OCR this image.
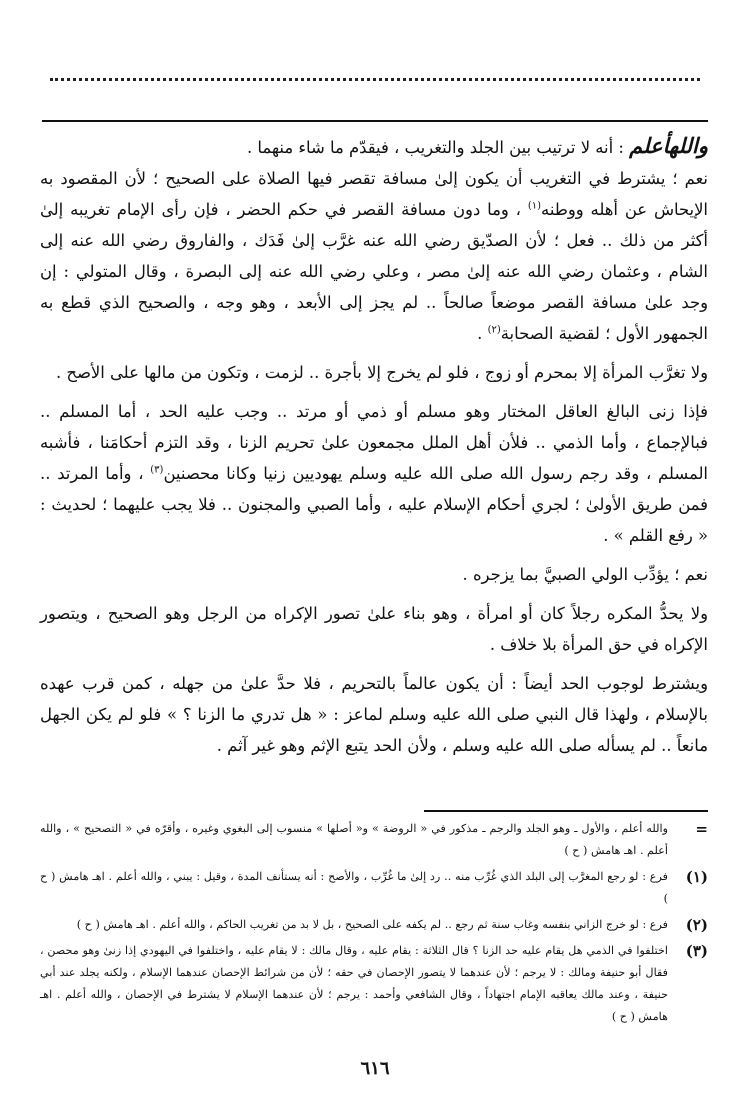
واللهأعلم : أنه لا ترتيب بين الجلد والتغريب ، فيقدّم ما شاء منهما .

نعم ؛ يشترط في التغريب أن يكون إلىٰ مسافة تقصر فيها الصلاة على الصحيح ؛ لأن المقصود به الإيحاش عن أهله ووطنه$^{(١)}$ ، وما دون مسافة القصر في حكم الحضر ، فإن رأى الإمام تغريبه إلىٰ أكثر من ذلك .. فعل ؛ لأن الصدّيق رضي الله عنه غرَّب إلىٰ فَدَك ، والفاروق رضي الله عنه إلى الشام ، وعثمان رضي الله عنه إلىٰ مصر ، وعلي رضي الله عنه إلى البصرة ، وقال المتولي : إن وجد علىٰ مسافة القصر موضعاً صالحاً .. لم يجز إلى الأبعد ، وهو وجه ، والصحيح الذي قطع به الجمهور الأول ؛ لقضية الصحابة$^{(٢)}$ .

ولا تغرَّب المرأة إلا بمحرم أو زوج ، فلو لم يخرج إلا بأجرة .. لزمت ، وتكون من مالها على الأصح .

فإذا زنى البالغ العاقل المختار وهو مسلم أو ذمي أو مرتد .. وجب عليه الحد ، أما المسلم .. فبالإجماع ، وأما الذمي .. فلأن أهل الملل مجمعون علىٰ تحريم الزنا ، وقد التزم أحكامَنا ، فأشبه المسلم ، وقد رجم رسول الله صلى الله عليه وسلم يهوديين زنيا وكانا محصنين$^{(٣)}$ ، وأما المرتد .. فمن طريق الأولىٰ ؛ لجري أحكام الإسلام عليه ، وأما الصبي والمجنون .. فلا يجب عليهما ؛ لحديث : « رفع القلم » .

نعم ؛ يؤدِّب الولي الصبيَّ بما يزجره .

ولا يحدُّ المكره رجلاً كان أو امرأة ، وهو بناء علىٰ تصور الإكراه من الرجل وهو الصحيح ، ويتصور الإكراه في حق المرأة بلا خلاف .

ويشترط لوجوب الحد أيضاً : أن يكون عالماً بالتحريم ، فلا حدَّ علىٰ من جهله ، كمن قرب عهده بالإسلام ، ولهذا قال النبي صلى الله عليه وسلم لماعز : « هل تدري ما الزنا ؟ » فلو لم يكن الجهل مانعاً .. لم يسأله صلى الله عليه وسلم ، ولأن الحد يتبع الإثم وهو غير آثم .

=
والله أعلم ، والأول ـ وهو الجلد والرجم ـ مذكور في « الروضة » و« أصلها » منسوب إلى البغوي وغيره ، وأقرّه في « التصحيح » ، والله أعلم . اهـ هامش ( ح )
(١)
فرع : لو رجع المغرَّب إلى البلد الذي غُرِّب منه .. رد إلىٰ ما غُرِّب ، والأصح : أنه يستأنف المدة ، وقيل : يبني ، والله أعلم . اهـ هامش ( ح )
(٢)
فرع : لو خرج الزاني بنفسه وغاب سنة ثم رجع .. لم يكفه على الصحيح ، بل لا بد من تغريب الحاكم ، والله أعلم . اهـ هامش ( ح )
(٣)
اختلفوا في الذمي هل يقام عليه حد الزنا ؟ قال الثلاثة : يقام عليه ، وقال مالك : لا يقام عليه ، واختلفوا في اليهودي إذا زنىٰ وهو محصن ، فقال أبو حنيفة ومالك : لا يرجم ؛ لأن عندهما لا يتصور الإحصان في حقه ؛ لأن من شرائط الإحصان عندهما الإسلام ، ولكنه يجلد عند أبي حنيفة ، وعند مالك يعاقبه الإمام اجتهاداً ، وقال الشافعي وأحمد : يرجم ؛ لأن عندهما الإسلام لا يشترط في الإحصان ، والله أعلم . اهـ هامش ( ح )
٦١٦
